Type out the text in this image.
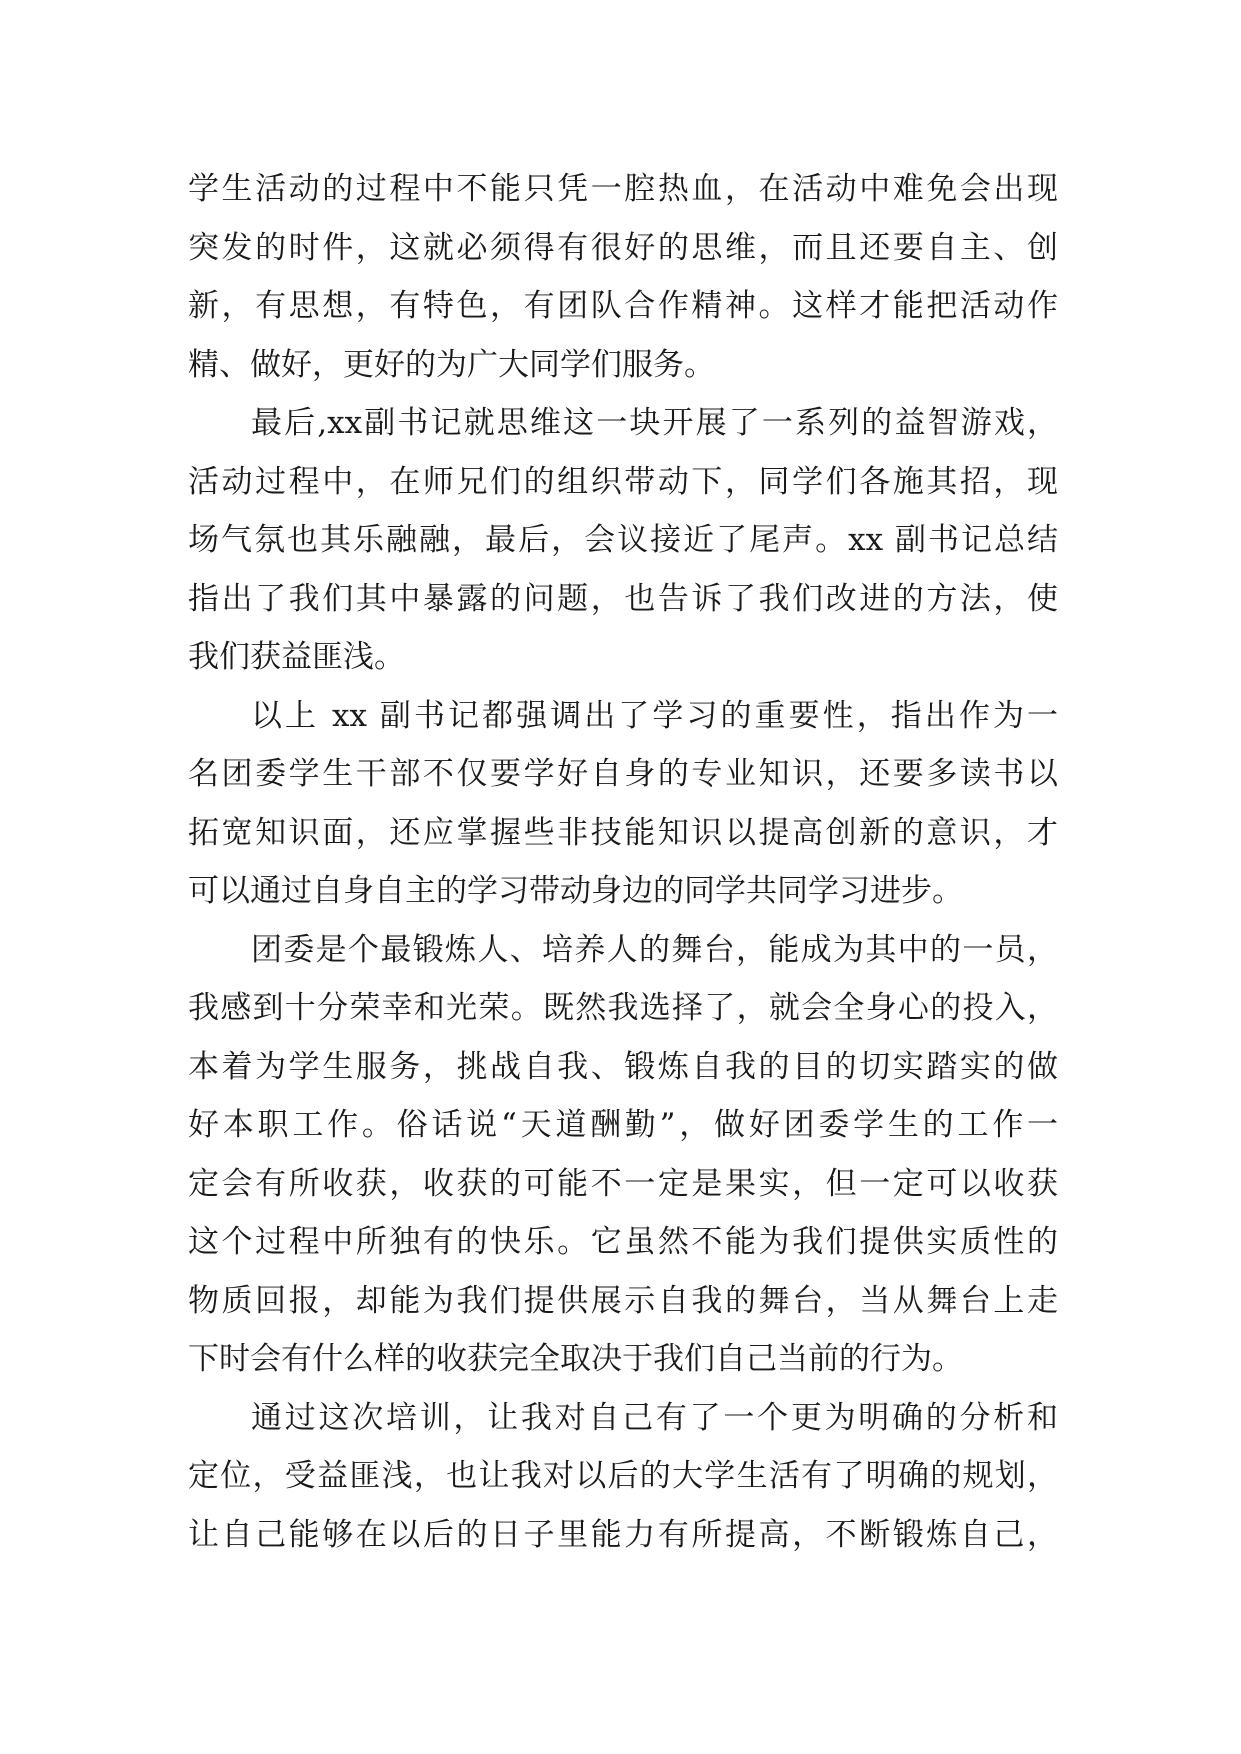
学生活动的过程中不能只凭一腔热血，在活动中难免会出现
突发的时件，这就必须得有很好的思维，而且还要自主、创
新，有思想，有特色，有团队合作精神。这样才能把活动作
精、做好，更好的为广大同学们服务。
最后,xx副书记就思维这一块开展了一系列的益智游戏，
活动过程中，在师兄们的组织带动下，同学们各施其招，现
场气氛也其乐融融，最后，会议接近了尾声。xx 副书记总结
指出了我们其中暴露的问题，也告诉了我们改进的方法，使
我们获益匪浅。
以上 xx 副书记都强调出了学习的重要性，指出作为一
名团委学生干部不仅要学好自身的专业知识，还要多读书以
拓宽知识面，还应掌握些非技能知识以提高创新的意识，才
可以通过自身自主的学习带动身边的同学共同学习进步。
团委是个最锻炼人、培养人的舞台，能成为其中的一员，
我感到十分荣幸和光荣。既然我选择了，就会全身心的投入，
本着为学生服务，挑战自我、锻炼自我的目的切实踏实的做
好本职工作。俗话说“天道酬勤”，做好团委学生的工作一
定会有所收获，收获的可能不一定是果实，但一定可以收获
这个过程中所独有的快乐。它虽然不能为我们提供实质性的
物质回报，却能为我们提供展示自我的舞台，当从舞台上走
下时会有什么样的收获完全取决于我们自己当前的行为。
通过这次培训，让我对自己有了一个更为明确的分析和
定位，受益匪浅，也让我对以后的大学生活有了明确的规划，
让自己能够在以后的日子里能力有所提高，不断锻炼自己，
